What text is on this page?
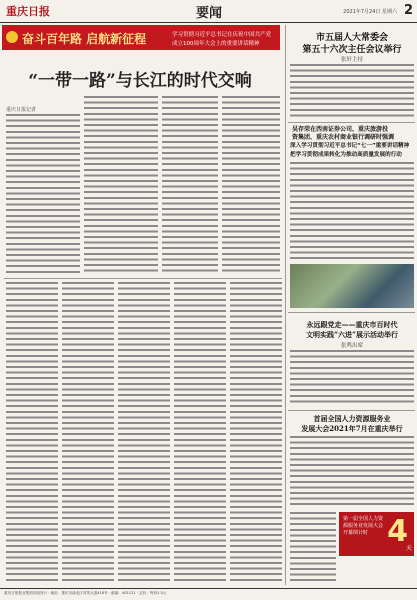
重庆日报	要闻	2021年7月24日 星期六 2
奋斗百年路 启航新征程	学习贯彻习近平总书记在庆祝中国共产党
成立100周年大会上的重要讲话精神
“一带一路”与长江的时代交响
重庆日报记者
市五届人大常委会
第五十六次主任会议举行
张轩主持
吴存荣在西南证券公司、重庆旅游投
资集团、重庆农村商业银行调研时强调
深入学习贯彻习近平总书记“七一”重要讲话精神
把学习贯彻成果转化为推动高质量发展的行动
永远跟党走——重庆市百时代
文明实践“六进”展示活动举行
张鸣出席
首届全国人力资源服务业
发展大会2021年7月在重庆举行
第一届全国人力资源服务业发展大会开幕倒计时 4
天
重庆日报报业集团出版发行 · 地址：重庆市渝北区同茂大道416号 · 邮编：401121 · 定价：每份1.5元
